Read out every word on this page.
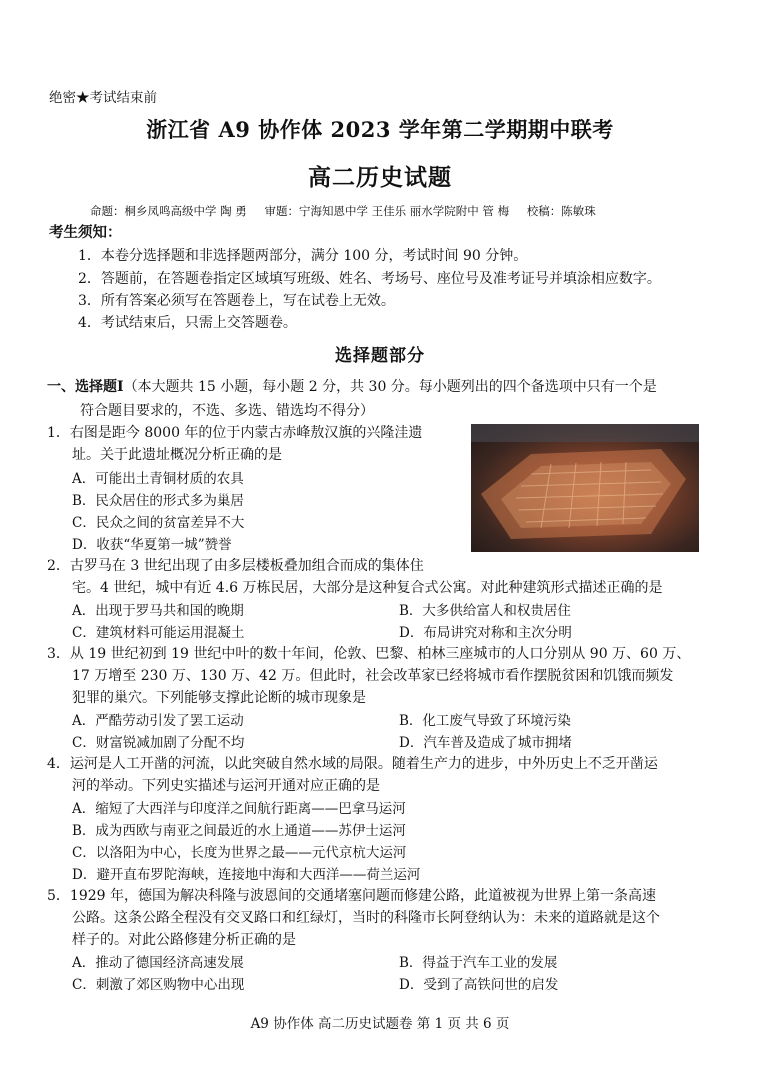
绝密★考试结束前
浙江省 A9 协作体 2023 学年第二学期期中联考
高二历史试题
命题：桐乡凤鸣高级中学 陶 勇 审题：宁海知恩中学 王佳乐 丽水学院附中 管 梅 校稿：陈敏珠
考生须知：
1．本卷分选择题和非选择题两部分，满分 100 分，考试时间 90 分钟。
2．答题前，在答题卷指定区域填写班级、姓名、考场号、座位号及准考证号并填涂相应数字。
3．所有答案必须写在答题卷上，写在试卷上无效。
4．考试结束后，只需上交答题卷。
选择题部分
一、选择题Ⅰ（本大题共 15 小题，每小题 2 分，共 30 分。每小题列出的四个备选项中只有一个是
符合题目要求的，不选、多选、错选均不得分）
1．右图是距今 8000 年的位于内蒙古赤峰敖汉旗的兴隆洼遗
址。关于此遗址概况分析正确的是
A．可能出土青铜材质的农具
B．民众居住的形式多为巢居
C．民众之间的贫富差异不大
D．收获“华夏第一城”赞誉
2．古罗马在 3 世纪出现了由多层楼板叠加组合而成的集体住
宅。4 世纪，城中有近 4.6 万栋民居，大部分是这种复合式公寓。对此种建筑形式描述正确的是
A．出现于罗马共和国的晚期	B．大多供给富人和权贵居住
C．建筑材料可能运用混凝土	D．布局讲究对称和主次分明
3．从 19 世纪初到 19 世纪中叶的数十年间，伦敦、巴黎、柏林三座城市的人口分别从 90 万、60 万、
17 万增至 230 万、130 万、42 万。但此时，社会改革家已经将城市看作摆脱贫困和饥饿而频发
犯罪的巢穴。下列能够支撑此论断的城市现象是
A．严酷劳动引发了罢工运动	B．化工废气导致了环境污染
C．财富锐减加剧了分配不均	D．汽车普及造成了城市拥堵
4．运河是人工开凿的河流，以此突破自然水域的局限。随着生产力的进步，中外历史上不乏开凿运
河的举动。下列史实描述与运河开通对应正确的是
A．缩短了大西洋与印度洋之间航行距离——巴拿马运河
B．成为西欧与南亚之间最近的水上通道——苏伊士运河
C．以洛阳为中心，长度为世界之最——元代京杭大运河
D．避开直布罗陀海峡，连接地中海和大西洋——荷兰运河
5．1929 年，德国为解决科隆与波恩间的交通堵塞问题而修建公路，此道被视为世界上第一条高速
公路。这条公路全程没有交叉路口和红绿灯，当时的科隆市长阿登纳认为：未来的道路就是这个
样子的。对此公路修建分析正确的是
A．推动了德国经济高速发展	B．得益于汽车工业的发展
C．刺激了郊区购物中心出现	D．受到了高铁问世的启发
A9 协作体 高二历史试题卷 第 1 页 共 6 页
